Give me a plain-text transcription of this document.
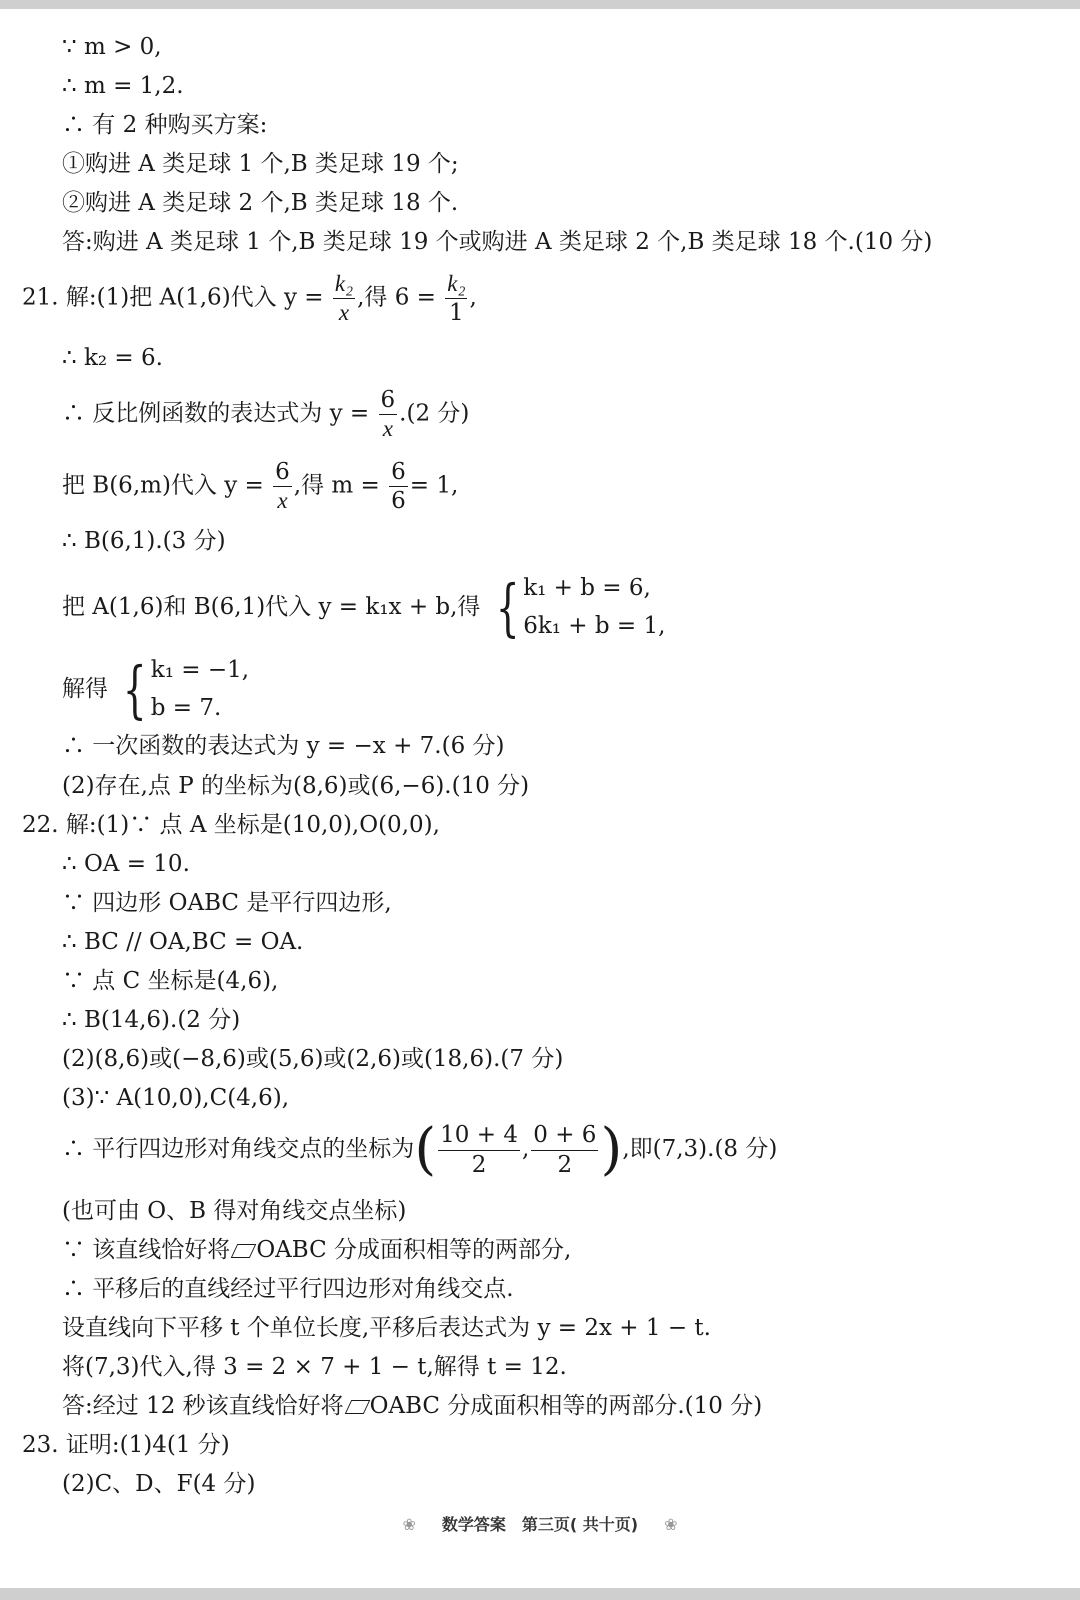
∵ m > 0,
∴ m = 1,2.
∴ 有 2 种购买方案:
①购进 A 类足球 1 个,B 类足球 19 个;
②购进 A 类足球 2 个,B 类足球 18 个.
答:购进 A 类足球 1 个,B 类足球 19 个或购进 A 类足球 2 个,B 类足球 18 个.(10 分)
21. 解:(1)把 A(1,6)代入 $y = \frac{\text{k₂}}{x}$ ,得 $6 = \frac{\text{k₂}}{1}$ ,
∴ k₂ = 6.
∴ 反比例函数的表达式为 $y = \frac{6}{x} .(2$ 分)
把 B(6,m)代入 $y = \frac{6}{x}$ ,得 $m = \frac{6}{6} = 1$,
∴ B(6,1).(3 分)
把 A(1,6)和 B(6,1)代入 y = k₁x + b,得 { k₁ + b = 6,
6k₁ + b = 1,
解得 { k₁ = −1,
b = 7.
∴ 一次函数的表达式为 y = −x + 7.(6 分)
(2)存在,点 P 的坐标为(8,6)或(6,−6).(10 分)
22. 解:(1)∵ 点 A 坐标是(10,0),O(0,0),
∴ OA = 10.
∵ 四边形 OABC 是平行四边形,
∴ BC // OA,BC = OA.
∵ 点 C 坐标是(4,6),
∴ B(14,6).(2 分)
(2)(8,6)或(−8,6)或(5,6)或(2,6)或(18,6).(7 分)
(3)∵ A(10,0),C(4,6),
∴ 平行四边形对角线交点的坐标为( $\frac{10 + 4}{2}$ , $\frac{0 + 6}{2}$ ),即(7,3).(8 分)
(也可由 O、B 得对角线交点坐标)
∵ 该直线恰好将 OABC 分成面积相等的两部分,
∴ 平移后的直线经过平行四边形对角线交点.
设直线向下平移 t 个单位长度,平移后表达式为 y = 2x + 1 − t.
将(7,3)代入,得 3 = 2 × 7 + 1 − t,解得 t = 12.
答:经过 12 秒该直线恰好将 OABC 分成面积相等的两部分.(10 分)
23. 证明:(1)4(1 分)
(2)C、D、F(4 分)
❀ 数学答案　第三页( 共十页) ❀
